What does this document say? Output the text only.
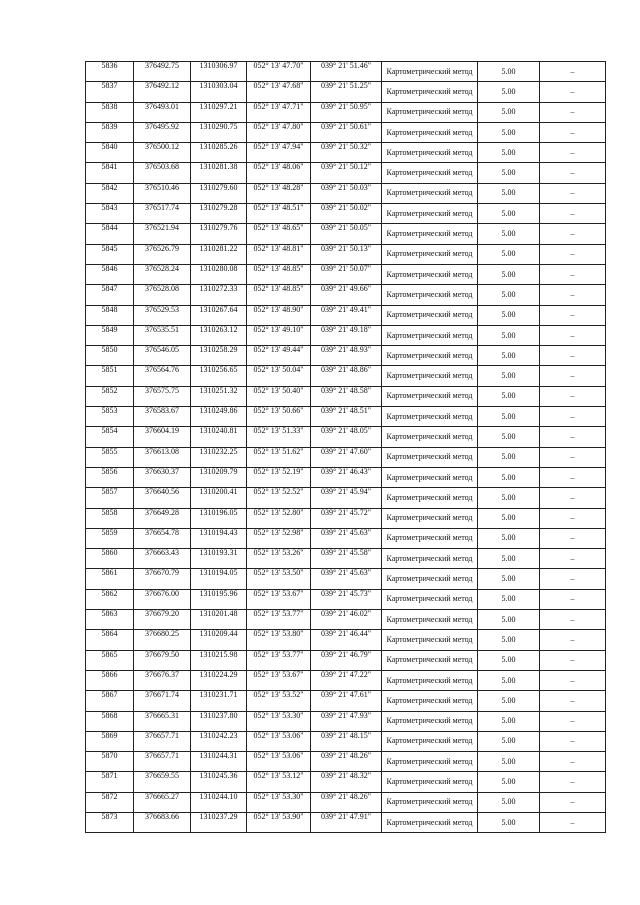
5836	376492.75	1310306.97	052° 13' 47.70"	039° 21' 51.46"	Картометрический метод	5.00	–
5837	376492.12	1310303.04	052° 13' 47.68"	039° 21' 51.25"	Картометрический метод	5.00	–
5838	376493.01	1310297.21	052° 13' 47.71"	039° 21' 50.95"	Картометрический метод	5.00	–
5839	376495.92	1310290.75	052° 13' 47.80"	039° 21' 50.61"	Картометрический метод	5.00	–
5840	376500.12	1310285.26	052° 13' 47.94"	039° 21' 50.32"	Картометрический метод	5.00	–
5841	376503.68	1310281.38	052° 13' 48.06"	039° 21' 50.12"	Картометрический метод	5.00	–
5842	376510.46	1310279.60	052° 13' 48.28"	039° 21' 50.03"	Картометрический метод	5.00	–
5843	376517.74	1310279.28	052° 13' 48.51"	039° 21' 50.02"	Картометрический метод	5.00	–
5844	376521.94	1310279.76	052° 13' 48.65"	039° 21' 50.05"	Картометрический метод	5.00	–
5845	376526.79	1310281.22	052° 13' 48.81"	039° 21' 50.13"	Картометрический метод	5.00	–
5846	376528.24	1310280.08	052° 13' 48.85"	039° 21' 50.07"	Картометрический метод	5.00	–
5847	376528.08	1310272.33	052° 13' 48.85"	039° 21' 49.66"	Картометрический метод	5.00	–
5848	376529.53	1310267.64	052° 13' 48.90"	039° 21' 49.41"	Картометрический метод	5.00	–
5849	376535.51	1310263.12	052° 13' 49.10"	039° 21' 49.18"	Картометрический метод	5.00	–
5850	376546.05	1310258.29	052° 13' 49.44"	039° 21' 48.93"	Картометрический метод	5.00	–
5851	376564.76	1310256.65	052° 13' 50.04"	039° 21' 48.86"	Картометрический метод	5.00	–
5852	376575.75	1310251.32	052° 13' 50.40"	039° 21' 48.58"	Картометрический метод	5.00	–
5853	376583.67	1310249.86	052° 13' 50.66"	039° 21' 48.51"	Картометрический метод	5.00	–
5854	376604.19	1310240.81	052° 13' 51.33"	039° 21' 48.05"	Картометрический метод	5.00	–
5855	376613.08	1310232.25	052° 13' 51.62"	039° 21' 47.60"	Картометрический метод	5.00	–
5856	376630.37	1310209.79	052° 13' 52.19"	039° 21' 46.43"	Картометрический метод	5.00	–
5857	376640.56	1310200.41	052° 13' 52.52"	039° 21' 45.94"	Картометрический метод	5.00	–
5858	376649.28	1310196.05	052° 13' 52.80"	039° 21' 45.72"	Картометрический метод	5.00	–
5859	376654.78	1310194.43	052° 13' 52.98"	039° 21' 45.63"	Картометрический метод	5.00	–
5860	376663.43	1310193.31	052° 13' 53.26"	039° 21' 45.58"	Картометрический метод	5.00	–
5861	376670.79	1310194.05	052° 13' 53.50"	039° 21' 45.63"	Картометрический метод	5.00	–
5862	376676.00	1310195.96	052° 13' 53.67"	039° 21' 45.73"	Картометрический метод	5.00	–
5863	376679.20	1310201.48	052° 13' 53.77"	039° 21' 46.02"	Картометрический метод	5.00	–
5864	376680.25	1310209.44	052° 13' 53.80"	039° 21' 46.44"	Картометрический метод	5.00	–
5865	376679.50	1310215.98	052° 13' 53.77"	039° 21' 46.79"	Картометрический метод	5.00	–
5866	376676.37	1310224.29	052° 13' 53.67"	039° 21' 47.22"	Картометрический метод	5.00	–
5867	376671.74	1310231.71	052° 13' 53.52"	039° 21' 47.61"	Картометрический метод	5.00	–
5868	376665.31	1310237.80	052° 13' 53.30"	039° 21' 47.93"	Картометрический метод	5.00	–
5869	376657.71	1310242.23	052° 13' 53.06"	039° 21' 48.15"	Картометрический метод	5.00	–
5870	376657.71	1310244.31	052° 13' 53.06"	039° 21' 48.26"	Картометрический метод	5.00	–
5871	376659.55	1310245.36	052° 13' 53.12"	039° 21' 48.32"	Картометрический метод	5.00	–
5872	376665.27	1310244.10	052° 13' 53.30"	039° 21' 48.26"	Картометрический метод	5.00	–
5873	376683.66	1310237.29	052° 13' 53.90"	039° 21' 47.91"	Картометрический метод	5.00	–
